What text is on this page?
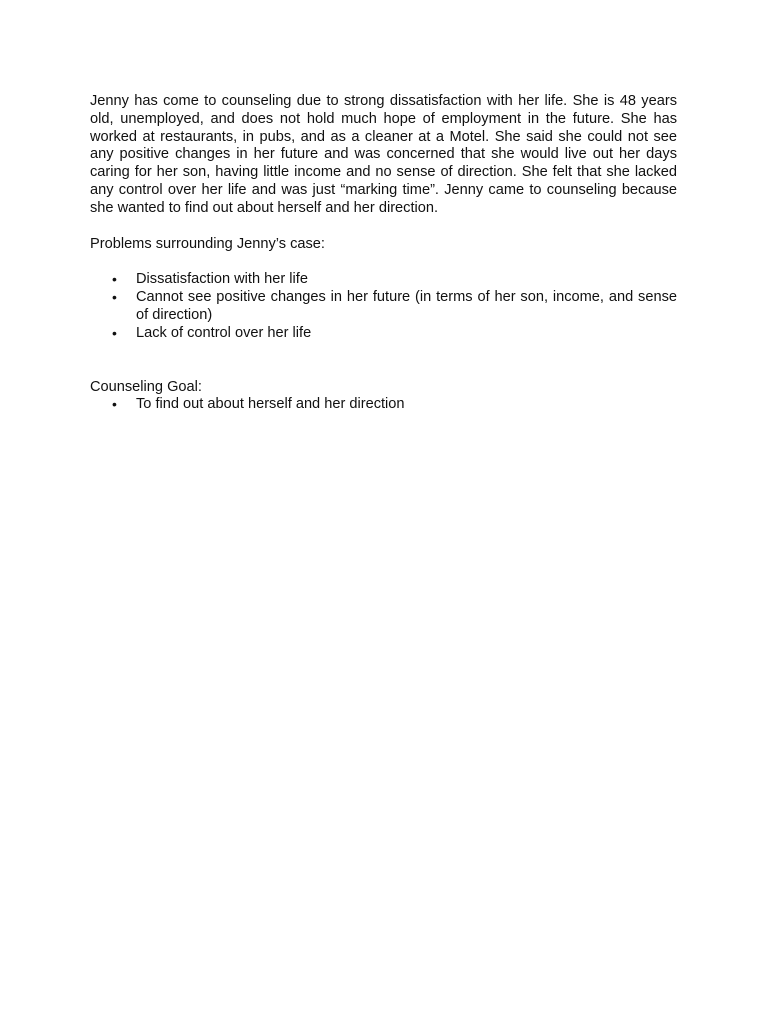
Jenny has come to counseling due to strong dissatisfaction with her life. She is 48 years old, unemployed, and does not hold much hope of employment in the future. She has worked at restaurants, in pubs, and as a cleaner at a Motel. She said she could not see any positive changes in her future and was concerned that she would live out her days caring for her son, having little income and no sense of direction. She felt that she lacked any control over her life and was just “marking time”. Jenny came to counseling because she wanted to find out about herself and her direction.

Problems surrounding Jenny’s case:

• Dissatisfaction with her life
• Cannot see positive changes in her future (in terms of her son, income, and sense of direction)
• Lack of control over her life

Counseling Goal:

• To find out about herself and her direction
